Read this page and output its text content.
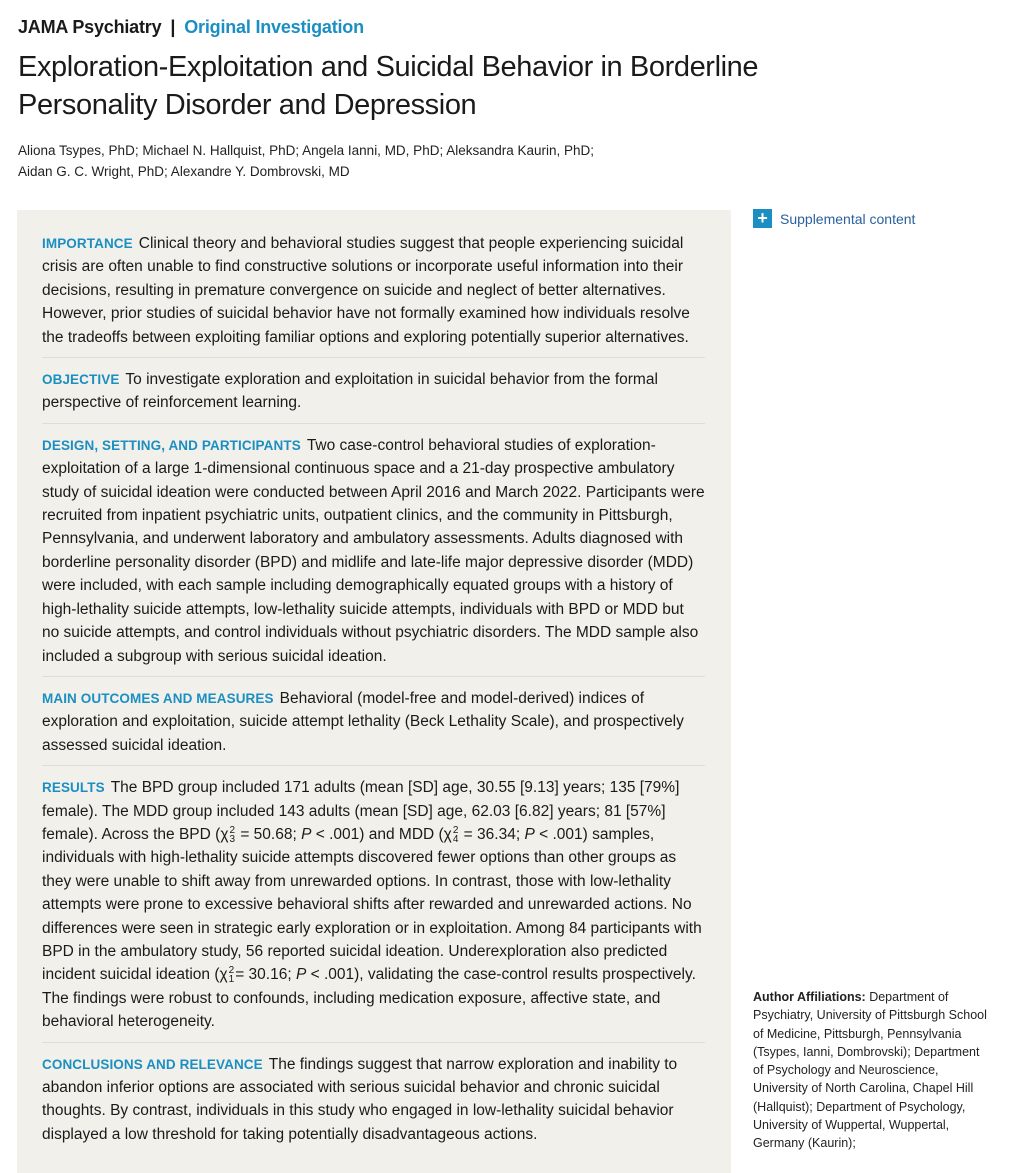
JAMA Psychiatry | Original Investigation
Exploration-Exploitation and Suicidal Behavior in Borderline Personality Disorder and Depression
Aliona Tsypes, PhD; Michael N. Hallquist, PhD; Angela Ianni, MD, PhD; Aleksandra Kaurin, PhD;
Aidan G. C. Wright, PhD; Alexandre Y. Dombrovski, MD
+ Supplemental content
IMPORTANCE Clinical theory and behavioral studies suggest that people experiencing suicidal crisis are often unable to find constructive solutions or incorporate useful information into their decisions, resulting in premature convergence on suicide and neglect of better alternatives. However, prior studies of suicidal behavior have not formally examined how individuals resolve the tradeoffs between exploiting familiar options and exploring potentially superior alternatives.
OBJECTIVE To investigate exploration and exploitation in suicidal behavior from the formal perspective of reinforcement learning.
DESIGN, SETTING, AND PARTICIPANTS Two case-control behavioral studies of exploration-exploitation of a large 1-dimensional continuous space and a 21-day prospective ambulatory study of suicidal ideation were conducted between April 2016 and March 2022. Participants were recruited from inpatient psychiatric units, outpatient clinics, and the community in Pittsburgh, Pennsylvania, and underwent laboratory and ambulatory assessments. Adults diagnosed with borderline personality disorder (BPD) and midlife and late-life major depressive disorder (MDD) were included, with each sample including demographically equated groups with a history of high-lethality suicide attempts, low-lethality suicide attempts, individuals with BPD or MDD but no suicide attempts, and control individuals without psychiatric disorders. The MDD sample also included a subgroup with serious suicidal ideation.
MAIN OUTCOMES AND MEASURES Behavioral (model-free and model-derived) indices of exploration and exploitation, suicide attempt lethality (Beck Lethality Scale), and prospectively assessed suicidal ideation.
RESULTS The BPD group included 171 adults (mean [SD] age, 30.55 [9.13] years; 135 [79%] female). The MDD group included 143 adults (mean [SD] age, 62.03 [6.82] years; 81 [57%] female). Across the BPD (χ 2
3 = 50.68; P < .001) and MDD (χ 2
4 = 36.34; P < .001) samples, individuals with high-lethality suicide attempts discovered fewer options than other groups as they were unable to shift away from unrewarded options. In contrast, those with low-lethality attempts were prone to excessive behavioral shifts after rewarded and unrewarded actions. No differences were seen in strategic early exploration or in exploitation. Among 84 participants with BPD in the ambulatory study, 56 reported suicidal ideation. Underexploration also predicted incident suicidal ideation (χ 2
1 = 30.16; P < .001), validating the case-control results prospectively. The findings were robust to confounds, including medication exposure, affective state, and behavioral heterogeneity.
CONCLUSIONS AND RELEVANCE The findings suggest that narrow exploration and inability to abandon inferior options are associated with serious suicidal behavior and chronic suicidal thoughts. By contrast, individuals in this study who engaged in low-lethality suicidal behavior displayed a low threshold for taking potentially disadvantageous actions.
Author Affiliations: Department of Psychiatry, University of Pittsburgh School of Medicine, Pittsburgh, Pennsylvania (Tsypes, Ianni, Dombrovski); Department of Psychology and Neuroscience, University of North Carolina, Chapel Hill (Hallquist); Department of Psychology, University of Wuppertal, Wuppertal, Germany (Kaurin);
